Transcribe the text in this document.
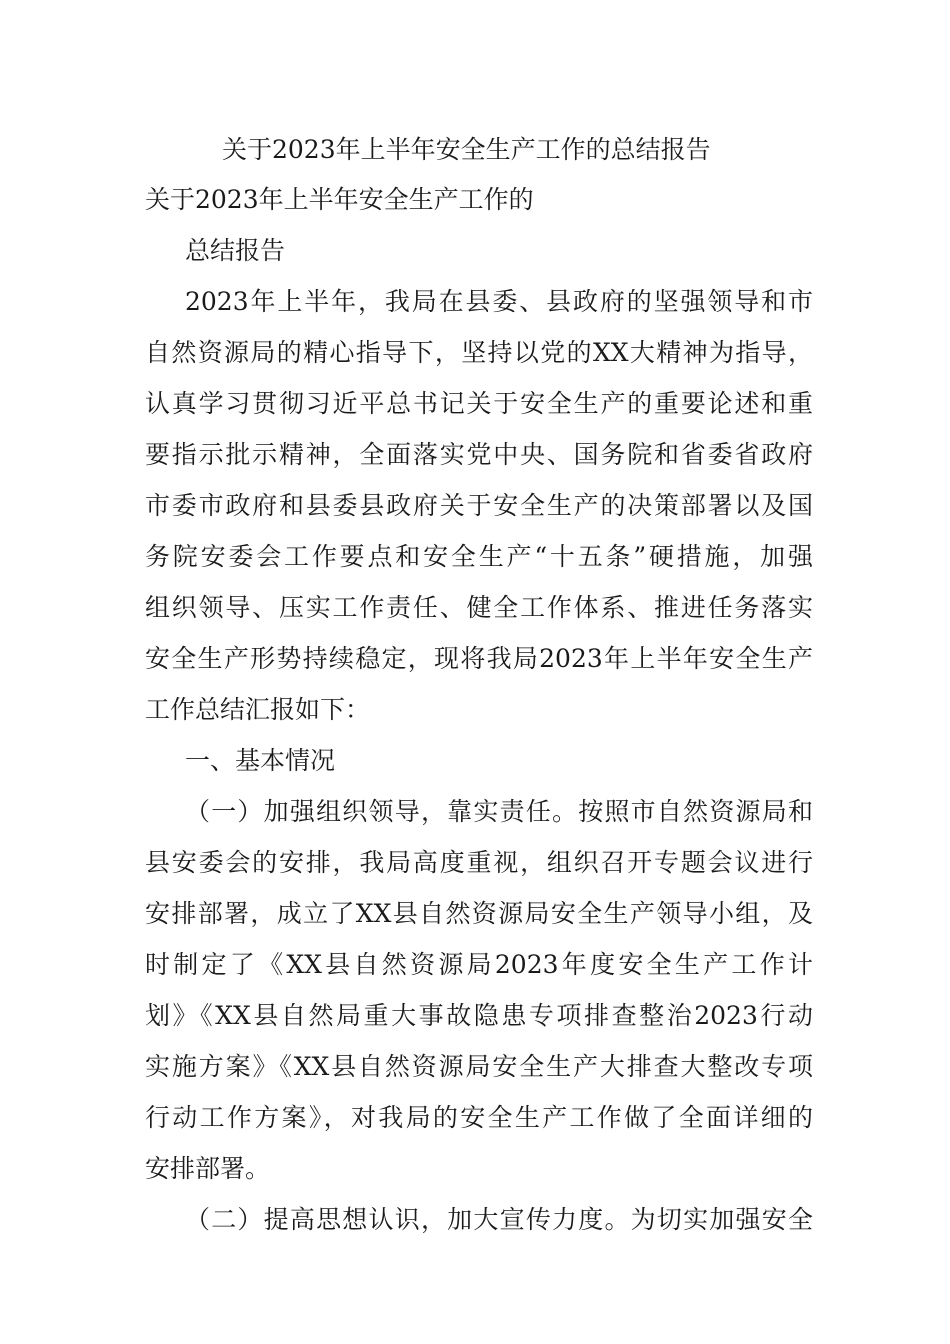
关于2023年上半年安全生产工作的总结报告
关于2023年上半年安全生产工作的
总结报告
2023年上半年，我局在县委、县政府的坚强领导和市
自然资源局的精心指导下，坚持以党的XX大精神为指导，
认真学习贯彻习近平总书记关于安全生产的重要论述和重
要指示批示精神，全面落实党中央、国务院和省委省政府
市委市政府和县委县政府关于安全生产的决策部署以及国
务院安委会工作要点和安全生产“十五条”硬措施，加强
组织领导、压实工作责任、健全工作体系、推进任务落实
安全生产形势持续稳定，现将我局2023年上半年安全生产
工作总结汇报如下：
一、基本情况
（一）加强组织领导，靠实责任。按照市自然资源局和
县安委会的安排，我局高度重视，组织召开专题会议进行
安排部署，成立了XX县自然资源局安全生产领导小组，及
时制定了《XX县自然资源局2023年度安全生产工作计
划》《XX县自然局重大事故隐患专项排查整治2023行动
实施方案》《XX县自然资源局安全生产大排查大整改专项
行动工作方案》，对我局的安全生产工作做了全面详细的
安排部署。
（二）提高思想认识，加大宣传力度。为切实加强安全
